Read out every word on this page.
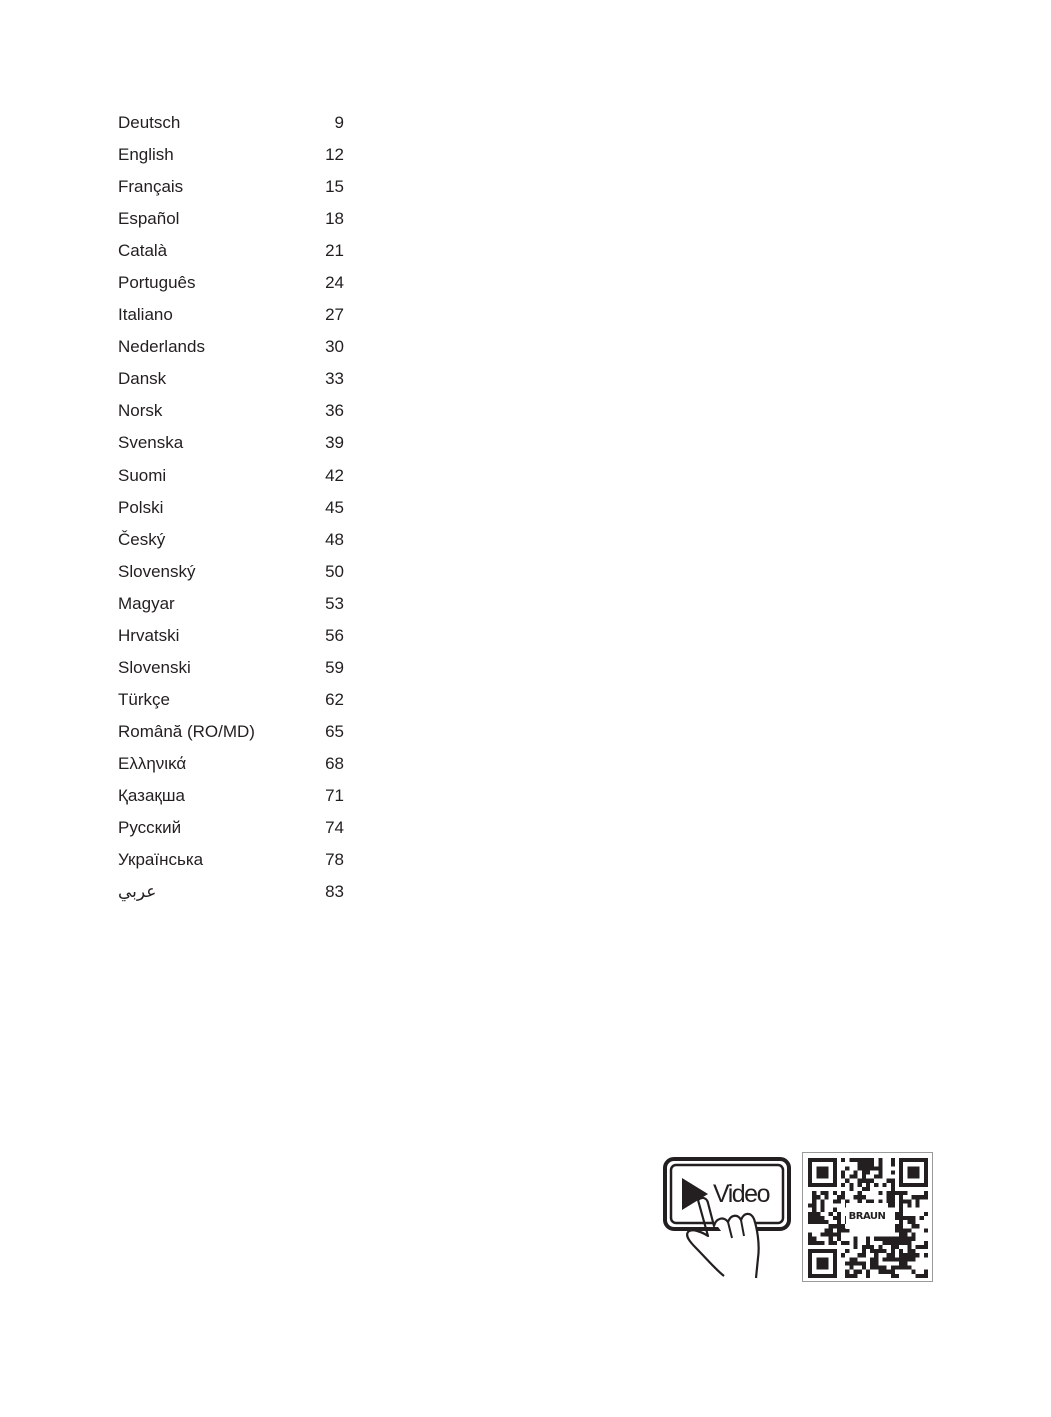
Deutsch	9
English	12
Français	15
Español	18
Català	21
Português	24
Italiano	27
Nederlands	30
Dansk	33
Norsk	36
Svenska	39
Suomi	42
Polski	45
Český	48
Slovenský	50
Magyar	53
Hrvatski	56
Slovenski	59
Türkçe	62
Română (RO/MD)	65
Ελληνικά	68
Қазақша	71
Русский	74
Українська	78
عربي	83
Video
BRAUN
